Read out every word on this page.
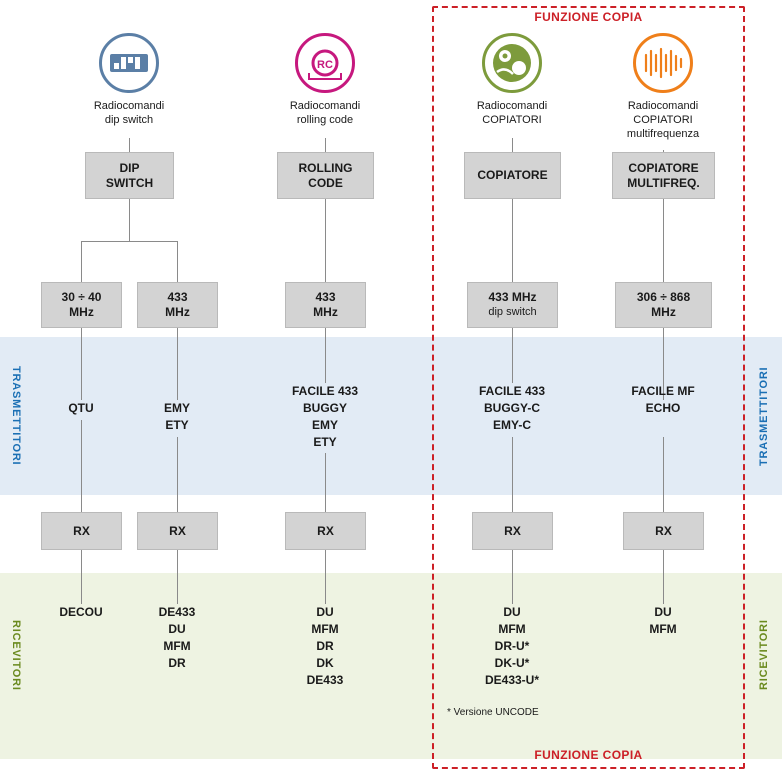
FUNZIONE COPIA
FUNZIONE COPIA
TRASMETTITORI	TRASMETTITORI
RICEVITORI	RICEVITORI
Radiocomandi
dip switch
DIP
SWITCH
30 ÷ 40
MHz
433
MHz
QTU	EMY
ETY
RX	RX
DECOU	DE433
DU
MFM
DR
RC
Radiocomandi
rolling code
ROLLING
CODE
433
MHz
FACILE 433
BUGGY
EMY
ETY
RX
DU
MFM
DR
DK
DE433
Radiocomandi
COPIATORI
COPIATORE
433 MHz
dip switch
FACILE 433
BUGGY-C
EMY-C
RX
DU
MFM
DR-U*
DK-U*
DE433-U*
* Versione UNCODE
Radiocomandi
COPIATORI
multifrequenza
COPIATORE
MULTIFREQ.
306 ÷ 868
MHz
FACILE MF
ECHO
RX
DU
MFM
